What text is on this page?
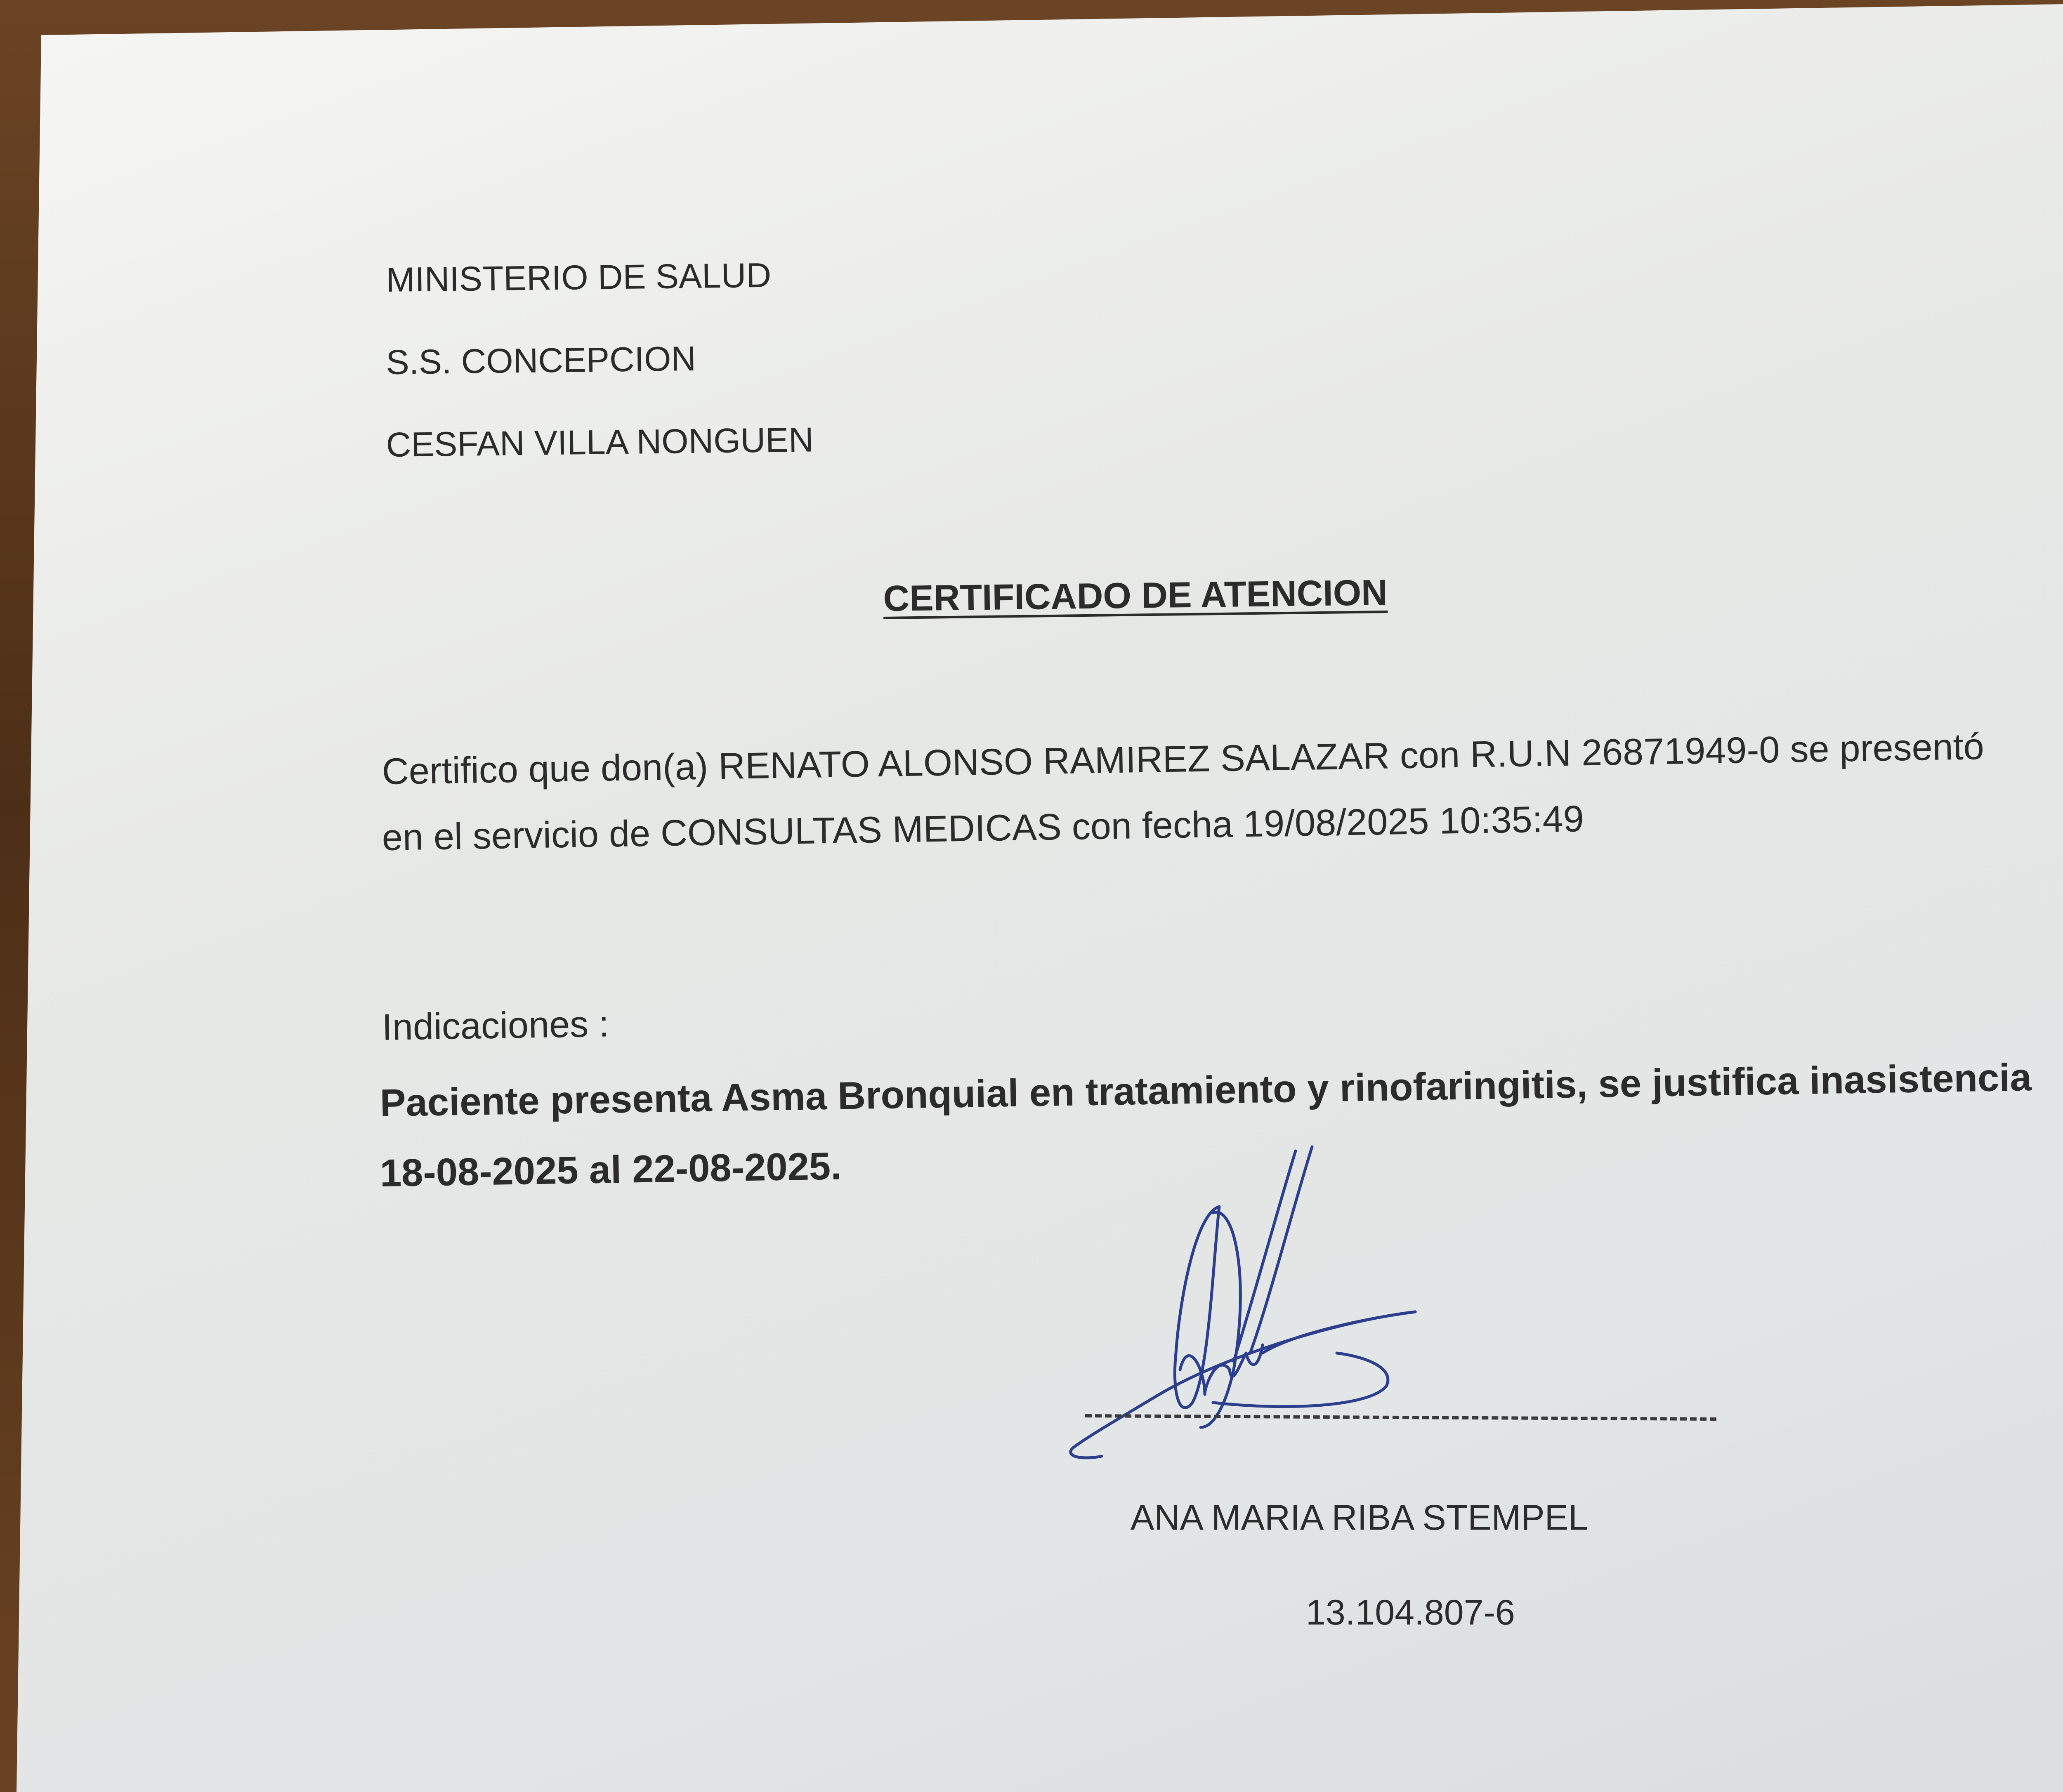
MINISTERIO DE SALUD
S.S. CONCEPCION
CESFAN VILLA NONGUEN
CERTIFICADO DE ATENCION
Certifico que don(a) RENATO ALONSO RAMIREZ SALAZAR con R.U.N 26871949-0 se presentó
en el servicio de CONSULTAS MEDICAS con fecha 19/08/2025 10:35:49
Indicaciones :
Paciente presenta Asma Bronquial en tratamiento y rinofaringitis, se justifica inasistencia
18-08-2025 al 22-08-2025.
ANA MARIA RIBA STEMPEL
13.104.807-6
